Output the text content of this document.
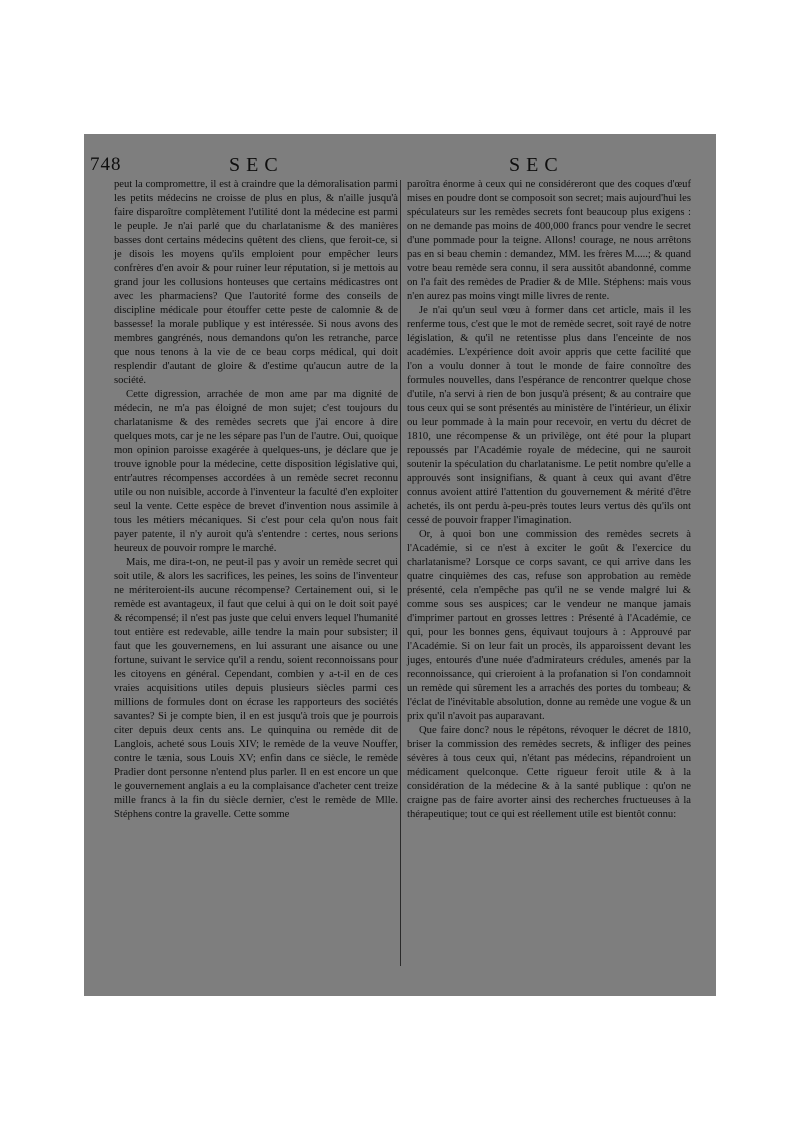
748	SEC	SEC

peut la compromettre, il est à craindre que la démoralisation parmi les petits médecins ne croisse de plus en plus, & n'aille jusqu'à faire disparoître complètement l'utilité dont la médecine est parmi le peuple. Je n'ai parlé que du charlatanisme & des manières basses dont certains médecins quêtent des cliens, que feroit-ce, si je disois les moyens qu'ils emploient pour empêcher leurs confrères d'en avoir & pour ruiner leur réputation, si je mettois au grand jour les collusions honteuses que certains médicastres ont avec les pharmaciens? Que l'autorité forme des conseils de discipline médicale pour étouffer cette peste de calomnie & de bassesse! la morale publique y est intéressée. Si nous avons des membres gangrénés, nous demandons qu'on les retranche, parce que nous tenons à la vie de ce beau corps médical, qui doit resplendir d'autant de gloire & d'estime qu'aucun autre de la société.

Cette digression, arrachée de mon ame par ma dignité de médecin, ne m'a pas éloigné de mon sujet; c'est toujours du charlatanisme & des remèdes secrets que j'ai encore à dire quelques mots, car je ne les sépare pas l'un de l'autre. Oui, quoique mon opinion paroisse exagérée à quelques-uns, je déclare que je trouve ignoble pour la médecine, cette disposition législative qui, entr'autres récompenses accordées à un remède secret reconnu utile ou non nuisible, accorde à l'inventeur la faculté d'en exploiter seul la vente. Cette espèce de brevet d'invention nous assimile à tous les métiers mécaniques. Si c'est pour cela qu'on nous fait payer patente, il n'y auroit qu'à s'entendre : certes, nous serions heureux de pouvoir rompre le marché.

Mais, me dira-t-on, ne peut-il pas y avoir un remède secret qui soit utile, & alors les sacrifices, les peines, les soins de l'inventeur ne mériteroient-ils aucune récompense? Certainement oui, si le remède est avantageux, il faut que celui à qui on le doit soit payé & récompensé; il n'est pas juste que celui envers lequel l'humanité tout entière est redevable, aille tendre la main pour subsister; il faut que les gouvernemens, en lui assurant une aisance ou une fortune, suivant le service qu'il a rendu, soient reconnoissans pour les citoyens en général. Cependant, combien y a-t-il en de ces vraies acquisitions utiles depuis plusieurs siècles parmi ces millions de formules dont on écrase les rapporteurs des sociétés savantes? Si je compte bien, il en est jusqu'à trois que je pourrois citer depuis deux cents ans. Le quinquina ou remède dit de Langlois, acheté sous Louis XIV; le remède de la veuve Nouffer, contre le tænia, sous Louis XV; enfin dans ce siècle, le remède Pradier dont personne n'entend plus parler. Il en est encore un que le gouvernement anglais a eu la complaisance d'acheter cent treize mille francs à la fin du siècle dernier, c'est le remède de Mlle. Stéphens contre la gravelle. Cette somme

paroîtra énorme à ceux qui ne considéreront que des coques d'œuf mises en poudre dont se composoit son secret; mais aujourd'hui les spéculateurs sur les remèdes secrets font beaucoup plus exigens : on ne demande pas moins de 400,000 francs pour vendre le secret d'une pommade pour la teigne. Allons! courage, ne nous arrêtons pas en si beau chemin : demandez, MM. les frères M.....; & quand votre beau remède sera connu, il sera aussitôt abandonné, comme on l'a fait des remèdes de Pradier & de Mlle. Stéphens: mais vous n'en aurez pas moins vingt mille livres de rente.

Je n'ai qu'un seul vœu à former dans cet article, mais il les renferme tous, c'est que le mot de remède secret, soit rayé de notre législation, & qu'il ne retentisse plus dans l'enceinte de nos académies. L'expérience doit avoir appris que cette facilité que l'on a voulu donner à tout le monde de faire connoître des formules nouvelles, dans l'espérance de rencontrer quelque chose d'utile, n'a servi à rien de bon jusqu'à présent; & au contraire que tous ceux qui se sont présentés au ministère de l'intérieur, un élixir ou leur pommade à la main pour recevoir, en vertu du décret de 1810, une récompense & un privilège, ont été pour la plupart repoussés par l'Académie royale de médecine, qui ne sauroit soutenir la spéculation du charlatanisme. Le petit nombre qu'elle a approuvés sont insignifians, & quant à ceux qui avant d'être connus avoient attiré l'attention du gouvernement & mérité d'être achetés, ils ont perdu à-peu-près toutes leurs vertus dès qu'ils ont cessé de pouvoir frapper l'imagination.

Or, à quoi bon une commission des remèdes secrets à l'Académie, si ce n'est à exciter le goût & l'exercice du charlatanisme? Lorsque ce corps savant, ce qui arrive dans les quatre cinquièmes des cas, refuse son approbation au remède présenté, cela n'empêche pas qu'il ne se vende malgré lui & comme sous ses auspices; car le vendeur ne manque jamais d'imprimer partout en grosses lettres : Présenté à l'Académie, ce qui, pour les bonnes gens, équivaut toujours à : Approuvé par l'Académie. Si on leur fait un procès, ils apparoissent devant les juges, entourés d'une nuée d'admirateurs crédules, amenés par la reconnoissance, qui crieroient à la profanation si l'on condamnoit un remède qui sûrement les a arrachés des portes du tombeau; & l'éclat de l'inévitable absolution, donne au remède une vogue & un prix qu'il n'avoit pas auparavant.

Que faire donc? nous le répétons, révoquer le décret de 1810, briser la commission des remèdes secrets, & infliger des peines sévères à tous ceux qui, n'étant pas médecins, répandroient un médicament quelconque. Cette rigueur feroit utile & à la considération de la médecine & à la santé publique : qu'on ne craigne pas de faire avorter ainsi des recherches fructueuses à la thérapeutique; tout ce qui est réellement utile est bientôt connu:
